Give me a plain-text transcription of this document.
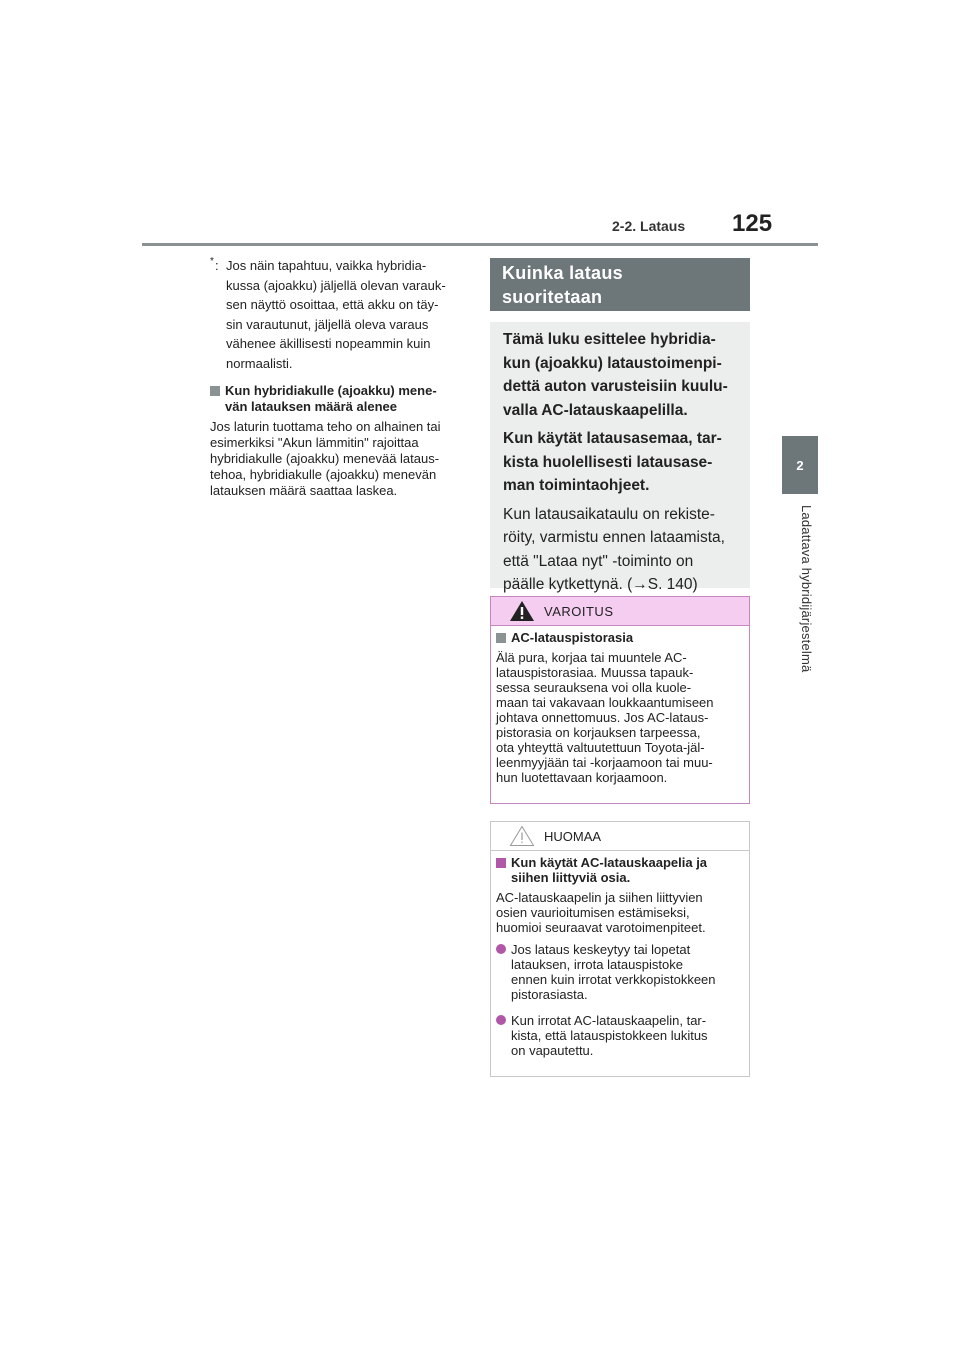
2-2. Lataus 125
2
Ladattava hybridijärjestelmä
* : Jos näin tapahtuu, vaikka hybridia-
kussa (ajoakku) jäljellä olevan varauk-
sen näyttö osoittaa, että akku on täy-
sin varautunut, jäljellä oleva varaus
vähenee äkillisesti nopeammin kuin
normaalisti.
Kun hybridiakulle (ajoakku) mene-
vän latauksen määrä alenee
Jos laturin tuottama teho on alhainen tai
esimerkiksi "Akun lämmitin" rajoittaa
hybridiakulle (ajoakku) menevää lataus-
tehoa, hybridiakulle (ajoakku) menevän
latauksen määrä saattaa laskea.
Kuinka lataus
suoritetaan

Tämä luku esittelee hybridia-
kun (ajoakku) lataustoimenpi-
dettä auton varusteisiin kuulu-
valla AC-latauskaapelilla.

Kun käytät latausasemaa, tar-
kista huolellisesti latausase-
man toimintaohjeet.

Kun latausaikataulu on rekiste-
röity, varmistu ennen lataamista,
että "Lataa nyt" -toiminto on
päälle kytkettynä. (→S. 140)

VAROITUS
AC-latauspistorasia
Älä pura, korjaa tai muuntele AC-
latauspistorasiaa. Muussa tapauk-
sessa seurauksena voi olla kuole-
maan tai vakavaan loukkaantumiseen
johtava onnettomuus. Jos AC-lataus-
pistorasia on korjauksen tarpeessa,
ota yhteyttä valtuutettuun Toyota-jäl-
leenmyyjään tai -korjaamoon tai muu-
hun luotettavaan korjaamoon.
HUOMAA
Kun käytät AC-latauskaapelia ja
siihen liittyviä osia.
AC-latauskaapelin ja siihen liittyvien
osien vaurioitumisen estämiseksi,
huomioi seuraavat varotoimenpiteet.
Jos lataus keskeytyy tai lopetat
latauksen, irrota latauspistoke
ennen kuin irrotat verkkopistokkeen
pistorasiasta.
Kun irrotat AC-latauskaapelin, tar-
kista, että latauspistokkeen lukitus
on vapautettu.
